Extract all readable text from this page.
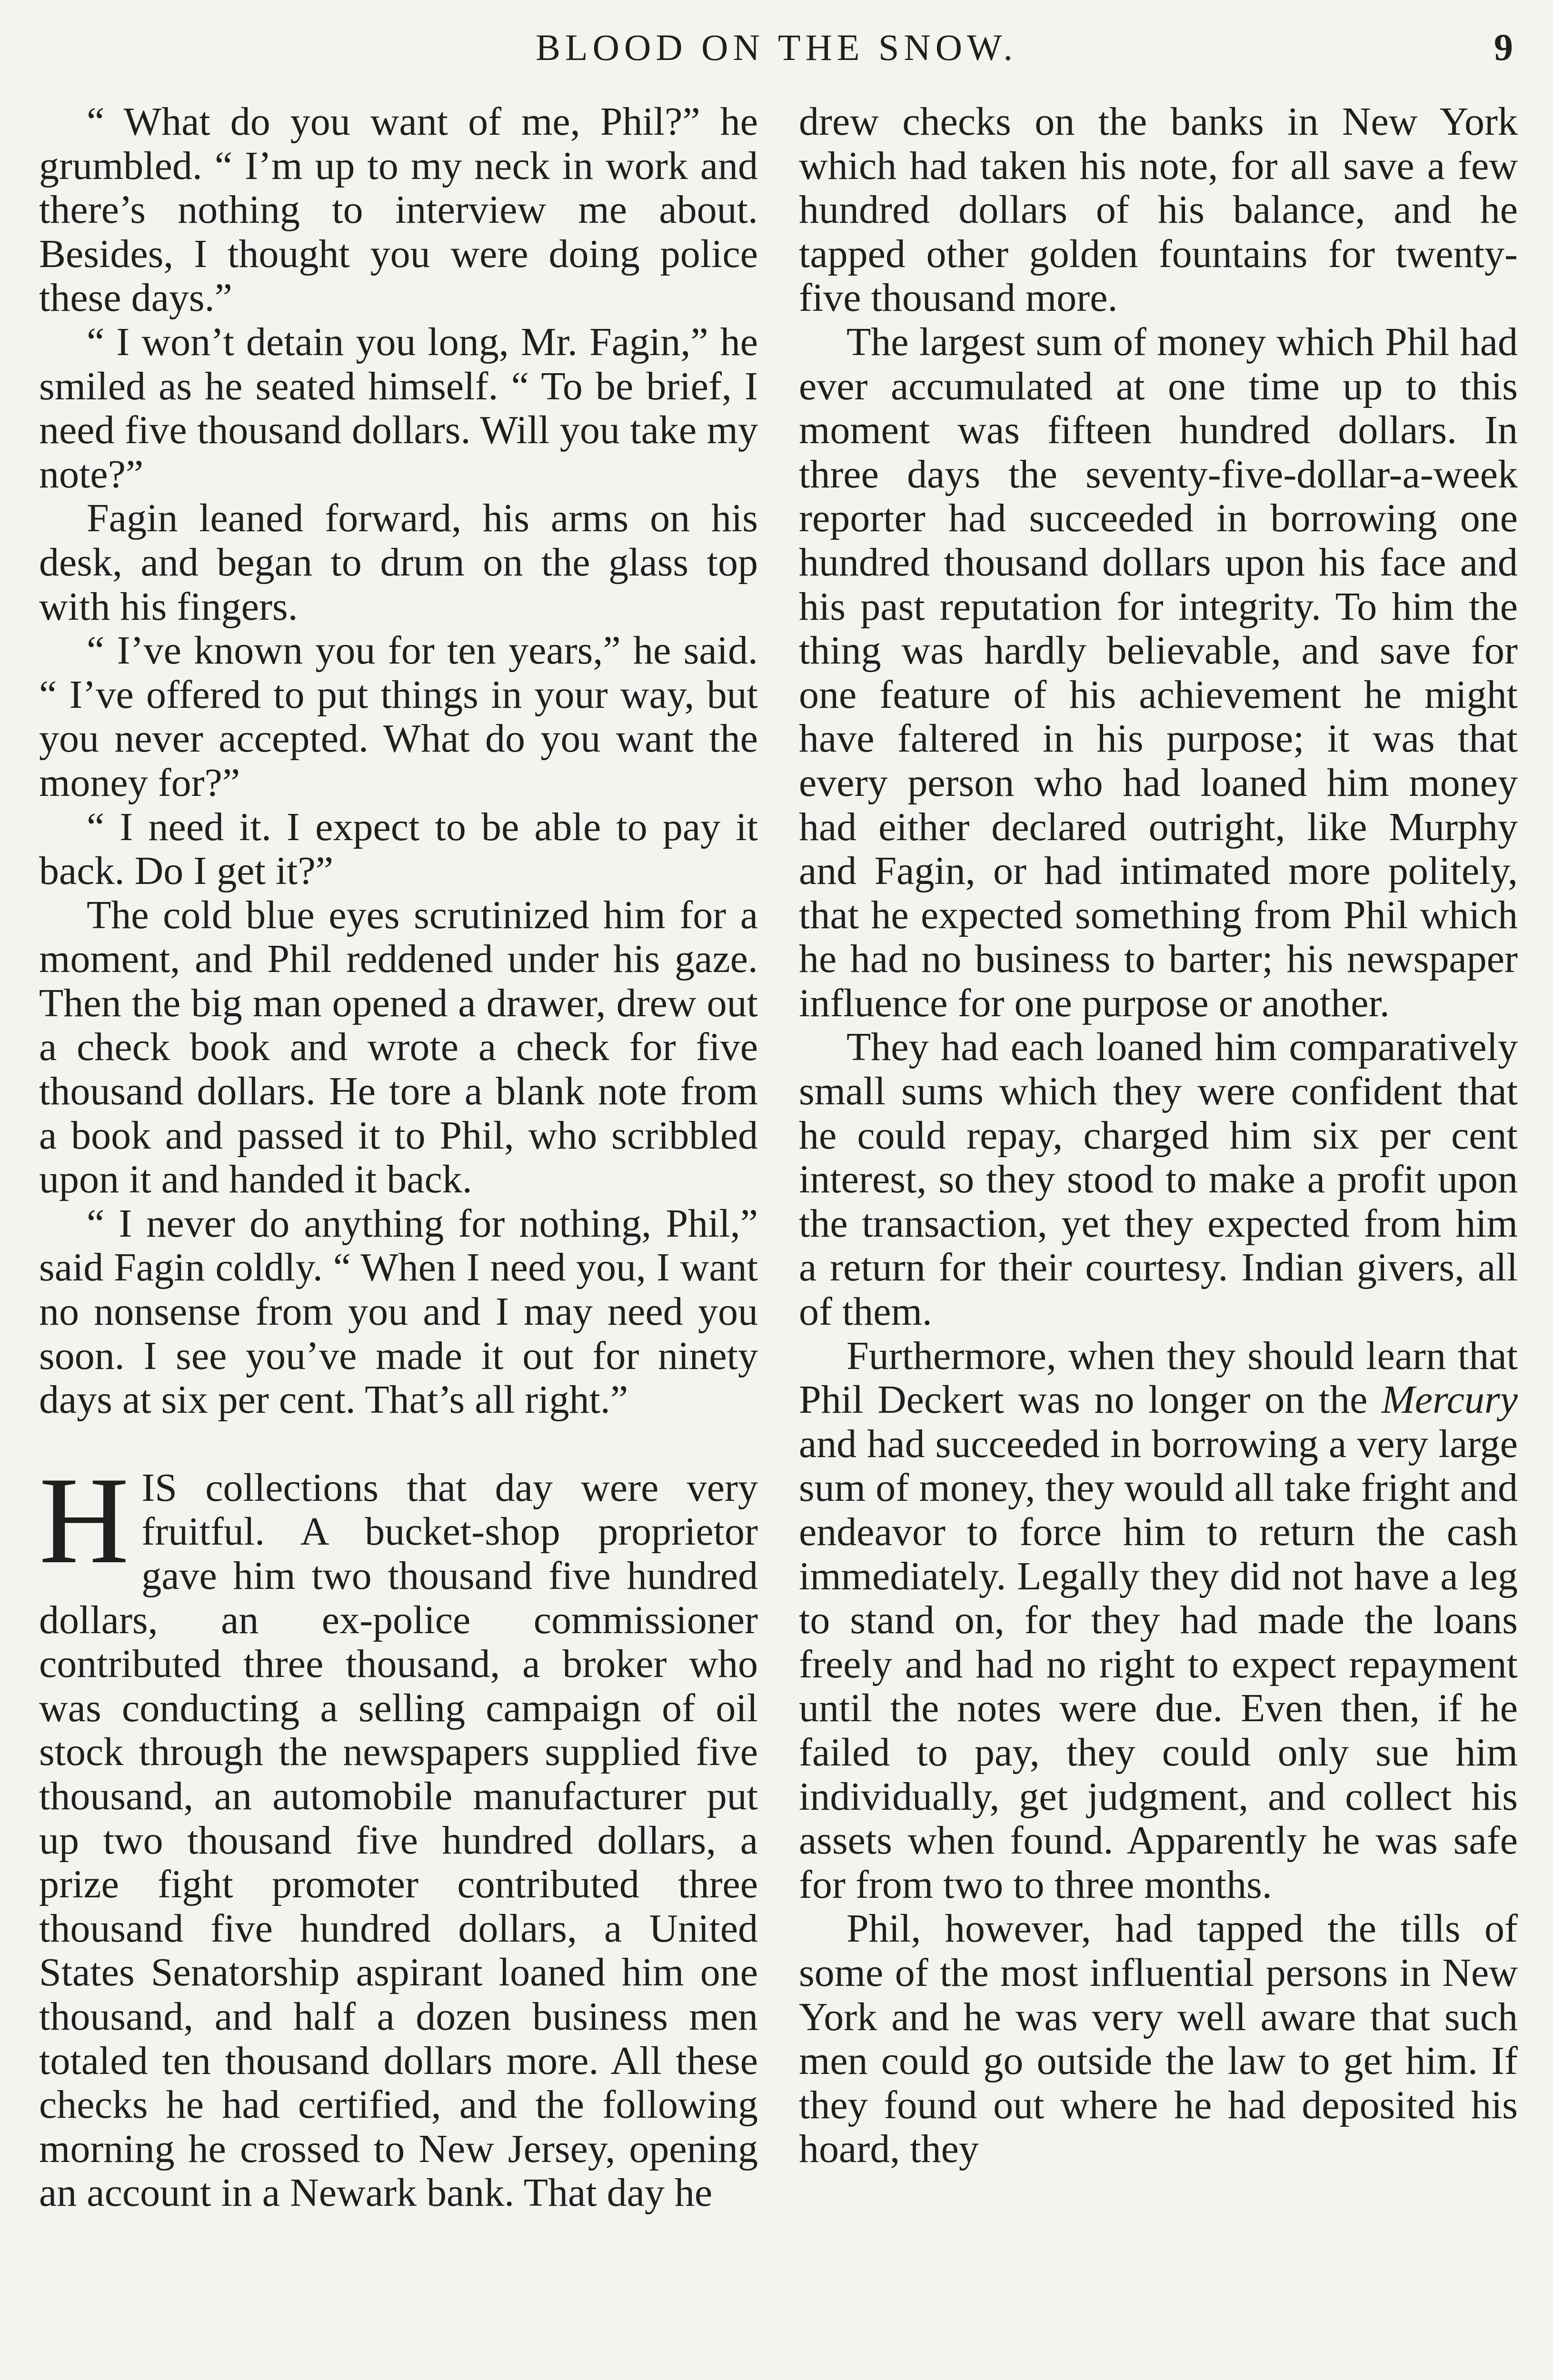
BLOOD ON THE SNOW.	9

“ What do you want of me, Phil?” he grumbled. “ I’m up to my neck in work and there’s nothing to interview me about. Besides, I thought you were doing police these days.”

“ I won’t detain you long, Mr. Fagin,” he smiled as he seated himself. “ To be brief, I need five thousand dollars. Will you take my note?”

Fagin leaned forward, his arms on his desk, and began to drum on the glass top with his fingers.

“ I’ve known you for ten years,” he said. “ I’ve offered to put things in your way, but you never accepted. What do you want the money for?”

“ I need it. I expect to be able to pay it back. Do I get it?”

The cold blue eyes scrutinized him for a moment, and Phil reddened under his gaze. Then the big man opened a drawer, drew out a check book and wrote a check for five thousand dollars. He tore a blank note from a book and passed it to Phil, who scribbled upon it and handed it back.

“ I never do anything for nothing, Phil,” said Fagin coldly. “ When I need you, I want no nonsense from you and I may need you soon. I see you’ve made it out for ninety days at six per cent. That’s all right.”

HIS collections that day were very fruitful. A bucket-shop proprietor gave him two thousand five hundred dollars, an ex-police commissioner contributed three thousand, a broker who was conducting a selling campaign of oil stock through the newspapers supplied five thousand, an automobile manufacturer put up two thousand five hundred dollars, a prize fight promoter contributed three thousand five hundred dollars, a United States Senatorship aspirant loaned him one thousand, and half a dozen business men totaled ten thousand dollars more. All these checks he had certified, and the following morning he crossed to New Jersey, opening an account in a Newark bank. That day he

drew checks on the banks in New York which had taken his note, for all save a few hundred dollars of his balance, and he tapped other golden fountains for twenty-five thousand more.

The largest sum of money which Phil had ever accumulated at one time up to this moment was fifteen hundred dollars. In three days the seventy-five-dollar-a-week reporter had succeeded in borrowing one hundred thousand dollars upon his face and his past reputation for integrity. To him the thing was hardly believable, and save for one feature of his achievement he might have faltered in his purpose; it was that every person who had loaned him money had either declared outright, like Murphy and Fagin, or had intimated more politely, that he expected something from Phil which he had no business to barter; his newspaper influence for one purpose or another.

They had each loaned him comparatively small sums which they were confident that he could repay, charged him six per cent interest, so they stood to make a profit upon the transaction, yet they expected from him a return for their courtesy. Indian givers, all of them.

Furthermore, when they should learn that Phil Deckert was no longer on the Mercury and had succeeded in borrowing a very large sum of money, they would all take fright and endeavor to force him to return the cash immediately. Legally they did not have a leg to stand on, for they had made the loans freely and had no right to expect repayment until the notes were due. Even then, if he failed to pay, they could only sue him individually, get judgment, and collect his assets when found. Apparently he was safe for from two to three months.

Phil, however, had tapped the tills of some of the most influential persons in New York and he was very well aware that such men could go outside the law to get him. If they found out where he had deposited his hoard, they
